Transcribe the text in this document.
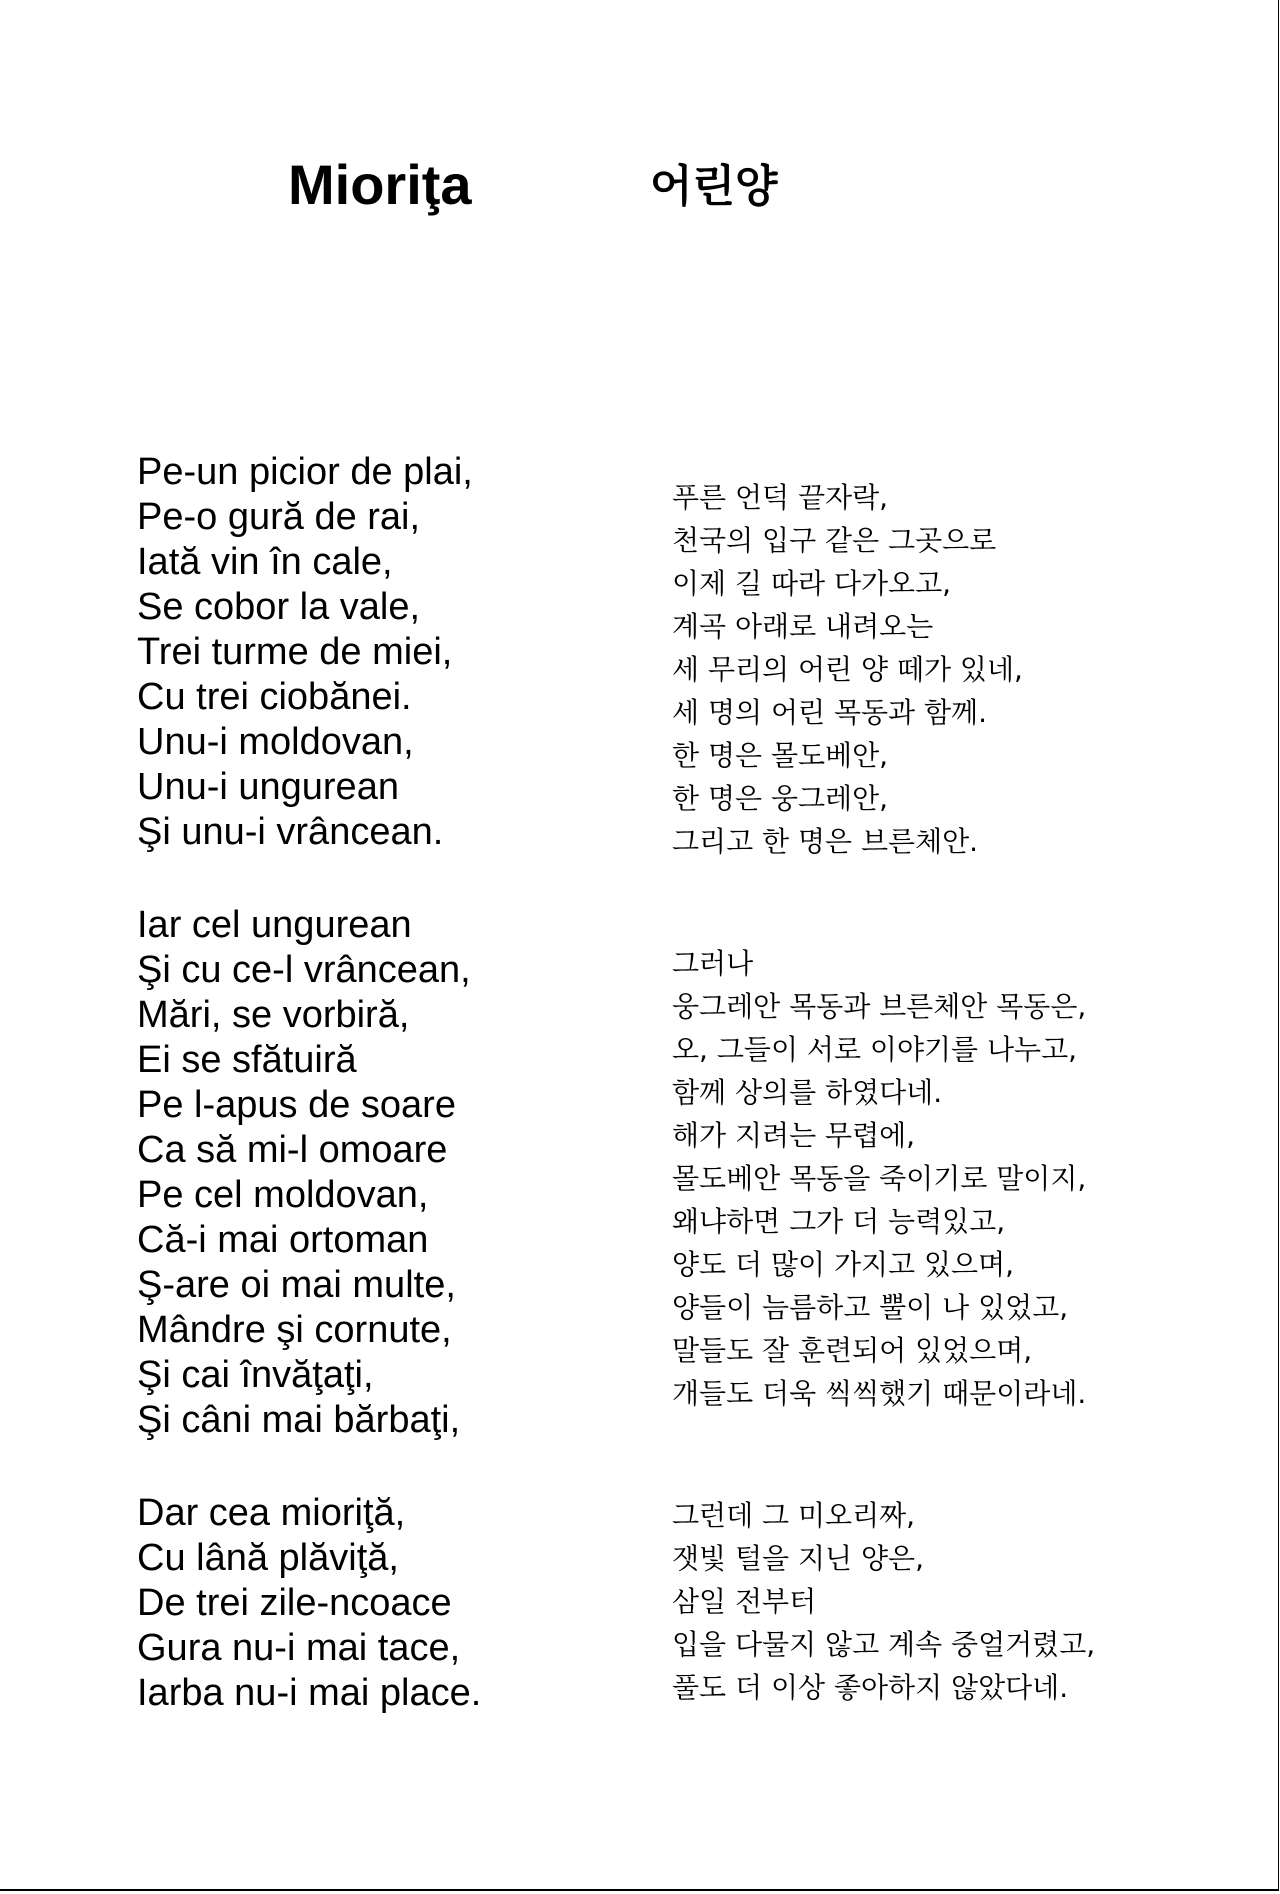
Mioriţa	어린양
Pe-un picior de plai,
Pe-o gură de rai,
Iată vin în cale,
Se cobor la vale,
Trei turme de miei,
Cu trei ciobănei.
Unu-i moldovan,
Unu-i ungurean
Şi unu-i vrâncean.
Iar cel ungurean
Şi cu ce-l vrâncean,
Mări, se vorbiră,
Ei se sfătuiră
Pe l-apus de soare
Ca să mi-l omoare
Pe cel moldovan,
Că-i mai ortoman
Ş-are oi mai multe,
Mândre şi cornute,
Şi cai învăţaţi,
Şi câni mai bărbaţi,
Dar cea mioriţă,
Cu lână plăviţă,
De trei zile-ncoace
Gura nu-i mai tace,
Iarba nu-i mai place.
푸른 언덕 끝자락,
천국의 입구 같은 그곳으로
이제 길 따라 다가오고,
계곡 아래로 내려오는
세 무리의 어린 양 떼가 있네,
세 명의 어린 목동과 함께.
한 명은 몰도베안,
한 명은 웅그레안,
그리고 한 명은 브른체안.
그러나
웅그레안 목동과 브른체안 목동은,
오, 그들이 서로 이야기를 나누고,
함께 상의를 하였다네.
해가 지려는 무렵에,
몰도베안 목동을 죽이기로 말이지,
왜냐하면 그가 더 능력있고,
양도 더 많이 가지고 있으며,
양들이 늠름하고 뿔이 나 있었고,
말들도 잘 훈련되어 있었으며,
개들도 더욱 씩씩했기 때문이라네.
그런데 그 미오리짜,
잿빛 털을 지닌 양은,
삼일 전부터
입을 다물지 않고 계속 중얼거렸고,
풀도 더 이상 좋아하지 않았다네.
